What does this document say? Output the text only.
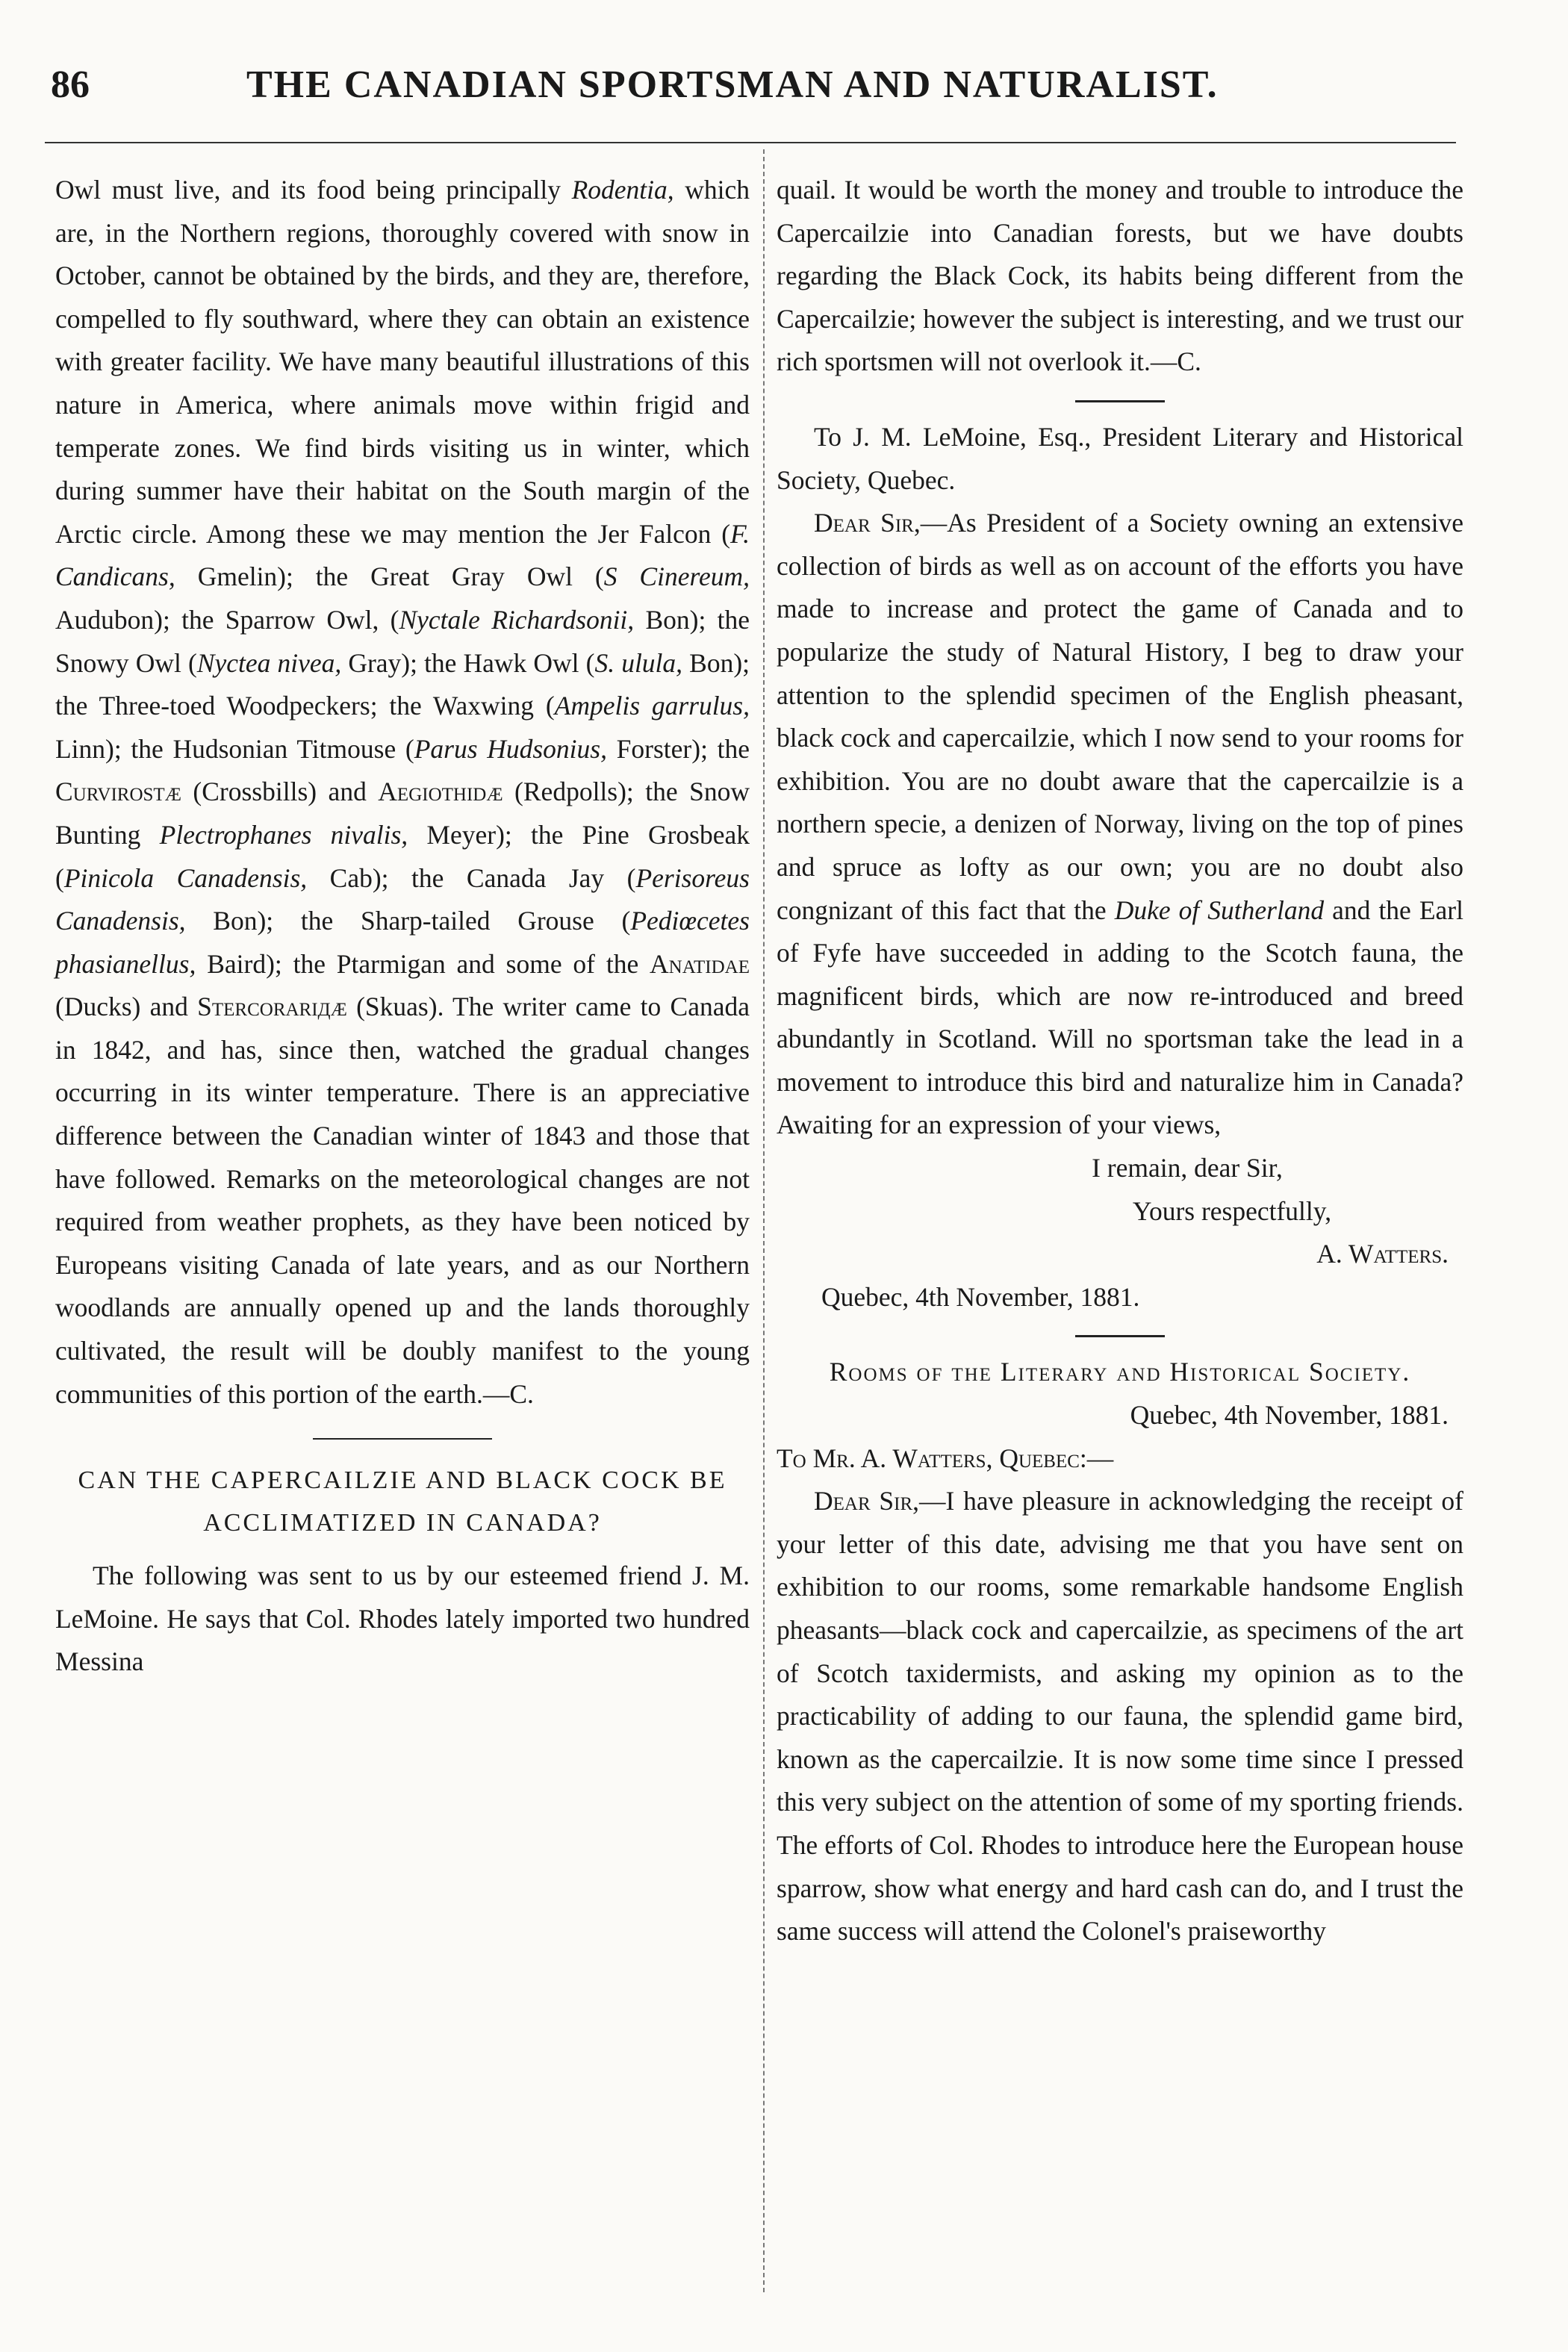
86	THE CANADIAN SPORTSMAN AND NATURALIST.

Owl must live, and its food being principally Rodentia, which are, in the Northern regions, thoroughly covered with snow in October, cannot be obtained by the birds, and they are, therefore, compelled to fly southward, where they can obtain an existence with greater facility. We have many beautiful illustrations of this nature in America, where animals move within frigid and temperate zones. We find birds visiting us in winter, which during summer have their habitat on the South margin of the Arctic circle. Among these we may mention the Jer Falcon (F. Candicans, Gmelin); the Great Gray Owl (S Cinereum, Audubon); the Sparrow Owl, (Nyctale Richardsonii, Bon); the Snowy Owl (Nyctea nivea, Gray); the Hawk Owl (S. ulula, Bon); the Three-toed Woodpeckers; the Waxwing (Ampelis garrulus, Linn); the Hudsonian Titmouse (Parus Hudsonius, Forster); the Curvirostæ (Crossbills) and Aegiothidæ (Redpolls); the Snow Bunting Plectrophanes nivalis, Meyer); the Pine Grosbeak (Pinicola Canadensis, Cab); the Canada Jay (Perisoreus Canadensis, Bon); the Sharp-tailed Grouse (Pediœcetes phasianellus, Baird); the Ptarmigan and some of the Anatidae (Ducks) and Stercorariдæ (Skuas). The writer came to Canada in 1842, and has, since then, watched the gradual changes occurring in its winter temperature. There is an appreciative difference between the Canadian winter of 1843 and those that have followed. Remarks on the meteorological changes are not required from weather prophets, as they have been noticed by Europeans visiting Canada of late years, and as our Northern woodlands are annually opened up and the lands thoroughly cultivated, the result will be doubly manifest to the young communities of this portion of the earth.—C.

CAN THE CAPERCAILZIE AND BLACK COCK BE ACCLIMATIZED IN CANADA?

The following was sent to us by our esteemed friend J. M. LeMoine. He says that Col. Rhodes lately imported two hundred Messina

quail. It would be worth the money and trouble to introduce the Capercailzie into Canadian forests, but we have doubts regarding the Black Cock, its habits being different from the Capercailzie; however the subject is interesting, and we trust our rich sportsmen will not overlook it.—C.

To J. M. LeMoine, Esq., President Literary and Historical Society, Quebec.

Dear Sir,—As President of a Society owning an extensive collection of birds as well as on account of the efforts you have made to increase and protect the game of Canada and to popularize the study of Natural History, I beg to draw your attention to the splendid specimen of the English pheasant, black cock and capercailzie, which I now send to your rooms for exhibition. You are no doubt aware that the capercailzie is a northern specie, a denizen of Norway, living on the top of pines and spruce as lofty as our own; you are no doubt also congnizant of this fact that the Duke of Sutherland and the Earl of Fyfe have succeeded in adding to the Scotch fauna, the magnificent birds, which are now re-introduced and breed abundantly in Scotland. Will no sportsman take the lead in a movement to introduce this bird and naturalize him in Canada? Awaiting for an expression of your views,

I remain, dear Sir,

Yours respectfully,

A. Watters.

Quebec, 4th November, 1881.

Rooms of the Literary and Historical Society.

Quebec, 4th November, 1881.

To Mr. A. Watters, Quebec:—

Dear Sir,—I have pleasure in acknowledging the receipt of your letter of this date, advising me that you have sent on exhibition to our rooms, some remarkable handsome English pheasants—black cock and capercailzie, as specimens of the art of Scotch taxidermists, and asking my opinion as to the practicability of adding to our fauna, the splendid game bird, known as the capercailzie. It is now some time since I pressed this very subject on the attention of some of my sporting friends. The efforts of Col. Rhodes to introduce here the European house sparrow, show what energy and hard cash can do, and I trust the same success will attend the Colonel's praiseworthy
